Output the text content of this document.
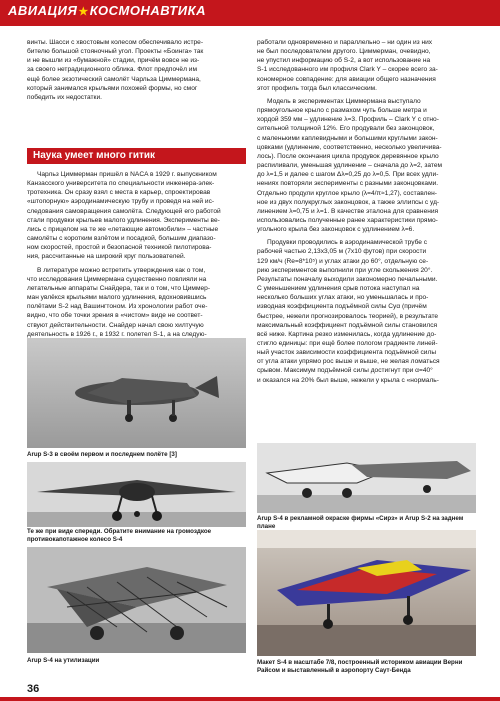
АВИАЦИЯ★КОСМОНАВТИКА
винты. Шасси с хвостовым колесом обеспечивало истре-
бителю большой стояночный угол. Проекты «Боинга» так
и не вышли из «бумажной» стадии, причём вовсе не из-
за своего нетрадиционного облика. Флот предпочёл им
ещё более экзотический самолёт Чарльза Циммермана,
который занимался крыльями похожей формы, но смог
победить их недостатки.
Наука умеет много гитик
Чарльз Циммерман пришёл в NACA в 1929 г. выпускником
Канзасского университета по специальности инженера-элек-
тротехника. Он сразу взял с места в карьер, спроектировав
«штопорную» аэродинамическую трубу и проведя на ней ис-
следования самовращения самолёта. Следующей его работой
стали продувки крыльев малого удлинения. Эксперименты ве-
лись с прицелом на те же «летающие автомобили» – частные
самолёты с коротким взлётом и посадкой, большим диапазо-
ном скоростей, простой и безопасной техникой пилотирова-
ния, рассчитанные на широкий круг пользователей.
В литературе можно встретить утверждения как о том,
что исследования Циммермана существенно повлияли на
летательные аппараты Снайдера, так и о том, что Циммер-
ман увлёкся крыльями малого удлинения, вдохновившись
полётами S-2 над Вашингтоном. Из хронологии работ оче-
видно, что обе точки зрения в «чистом» виде не соответ-
ствуют действительности. Снайдер начал свою хилтучую
деятельность в 1926 г., в 1932 г. полетел S-1, а на следую-
работали одновременно и параллельно – ни один из них
не был последователем другого. Циммерман, очевидно,
не упустил информацию об S-2, а вот использование на
S-1 исследованного им профиля Clark Y – скорее всего за-
кономерное совпадение: для авиации общего назначения
этот профиль тогда был классическим.
Модель в экспериментах Циммермана выступало
прямоугольное крыло с размахом чуть больше метра и
хордой 359 мм – удлинение λ=3. Профиль – Clark Y с отно-
сительной толщиной 12%. Его продували без законцовок,
с маленькими каплевидными и большими круглыми закон-
цовками (удлинение, соответственно, несколько увеличива-
лось). После окончания цикла продувок деревянное крыло
распиливали, уменьшая удлинение – сначала до λ=2, затем
до λ=1,5 и далее с шагом Δλ=0,25 до λ=0,5. При всех удли-
нениях повторяли эксперименты с разными законцовками.
Отдельно продули круглое крыло (λ=4/π≈1,27), составлен-
ное из двух полукруглых законцовок, а также эллипсы с уд-
линением λ=0,75 и λ=1. В качестве эталона для сравнения
использовались полученные ранее характеристики прямо-
угольного крыла без законцовок с удлинением λ=6.
Продувки проводились в аэродинамической трубе с
рабочей частью 2,13х3,05 м (7х10 футов) при скорости
129 км/ч (Re=8*10⁵) и углах атаки до 60°, отдельную се-
рию экспериментов выполнили при угле скольжения 20°.
Результаты поначалу выходили закономерно печальными.
С уменьшением удлинения срыв потока наступал на
несколько больших углах атаки, но уменьшалась и про-
изводная коэффициента подъёмной силы Cyα (причём
быстрее, нежели прогнозировалось теорией), в результате
максимальный коэффициент подъёмной силы становился
всё ниже. Картина резко изменилась, когда удлинение до-
стигло единицы: при ещё более пологом градиенте линей-
ный участок зависимости коэффициента подъёмной силы
от угла атаки упрямо рос выше и выше, не желая ломаться
срывом. Максимум подъёмной силы достигнут при α=40°
и оказался на 20% был выше, нежели у крыла с «нормаль-
Arup S-3 в своём первом и последнем полёте [3]
Те же при виде спереди. Обратите внимание на громоздкое противокапотажное колесо S-4
Arup S-4 на утилизации
Arup S-4 в рекламной окраске фирмы «Сирз» и Arup S-2 на заднем плане
Макет S-4 в масштабе 7/8, построенный историком авиации Верни Райсом и выставленный в аэропорту Саут-Бенда
36
